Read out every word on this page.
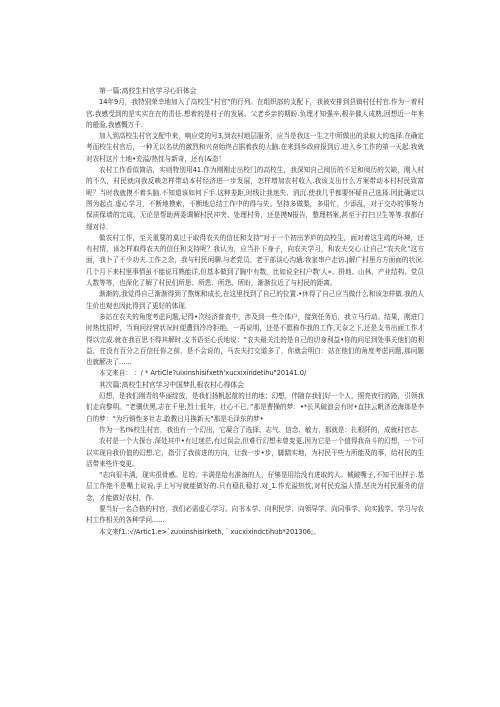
第一篇:高校生村官学习心旧体会

14年9月，我特别荣幸地加入了高校生“村官”的行列。在组织部的支配下，我被安排到县镇村任村官.作为一着村官.我感受到的是实实在在的责任.想着的是村子的发展、父老乡亲的期盼.负理才知强辛,根辛催人成熟,回想近一年来的般验,我感慨万千.

加入到高校生村官支配中来，响应党的号3,到农村地层服务，应当是我这一生之中所做出的录取大的选择.在确定考而校生村官后，一种无以名状的激烈和兴奋始终占据着我的大脑.在来到乡政府报到后.进入乡工作的第一天起.我就对农村这片土地•充溢/热忱与新奇，还有(&态！

农村工作看似简洁，实则特别用41.作为刚刚走出校门的高校生，我深知自己阅历的不足和阅历的欠缺，刚入村的不久，村民就向我反映怎样带动本村经济进一步发展，怎样增加农村收入.我该支出什么方案带动本村村民致富呢？当时我就摸不着头脑.不知道该如何下手.这种差距,时线让我迷失、消沉.使我几乎都要怀疑自己选择.因此确定以图为起点.虚心学习，不断地摸索，不断地总结工作中的得与失。坚持多做梨，多用忙，少添乱，对于交办的事努力保质保墙的完成。无论是帮助两委调解村民冲突、处理村务，还是摸N报告，整理档案,甚至于打扫卫生等等.我都仔细对待.

做农村工作，至关重要的莫过于取得农夫的信任和支持”对于一个初出茅庐的高校生，面对着这生疏的环境，还有村情，该怎样取得农夫的信任和支持呢？我认为，应当扑下身子，向农夫学习，和农夫交心.让自己“农夫化”这方面，我卜了不少功夫.工作之余，我与村民闲聊.与老党员、老干部谈心沟通.我家串户走访.|解广村里方方面面的状况.几个月下来村里事情虽不能说耳熟能详,但基本做到了胸中有数，比如说全村户数‘人»、拼地、山林、产业结构、党员人数等等，也深化了解了村民们所思、所患、所怨、所盼，渐渐拉近了与村民的距离。

渐渐的,我觉得自己渐渐得到了熬炼和成长,在这里找到了自己的位置.•休得了自己应当做什么和该怎样做.我的人生价也观也因此得到了更好的体现.

多站在农夫的角度考虑问题,记得•次经济普查中，涉及到一些个体户，接到任务后，我立马行动。结果，刚进门时热忱招呼，当询问经营状况时便遭到冷冷拒绝。一再说明，还是不愿称作我的工作,无奈之下,还是支书出面工作才得以完成.就在我百思不得其解时.支书语至心氏地说：“农夫最关注的是自己的切身利益•你的问足到处事关他们的利益，在没有百分之百信任你之前，是不会说的，马农夫打交道多了，你就会明白：站在他们的角度考虑问题,那问题也就解决了......

本文来自： ：/ * ArtiCle?uixinshisifxeth'xucxixindetihu"20141.0/

其次篇:高校生村官学习中国梦扎根农村心得体会

幻想，是我们刚青的华丽绽放，是我们扬帆起航的目的地；幻想，伴随存我们好一个人，照亮夜行的路，引领我们走向黎明。“老骥伏黑,志在千里;烈士低年，壮心不已，”那是曹操的梦：•*长风破浪会有时•直挂云帆济沧海那是李白的梦：“为行销性多社志.敢教日月换新天”那是毛泽东的梦•

作为一名i%校生村官，我也有一个幻出，它凝合了选择、志气、信念、敏力，那就是：扎根阡的，成就村官志.

农村是一个大探台.深处其中•有过迷茫,有过误会,但难行幻想未曾变更,因为它是一个值得我奋斗的幻想，一个可以实现自我价值的幻想.它，指引了我前进的方向，让我一步•步，脚踏实地，为村民干些力所能及的事，给村民的生活带来些许变更。

“志向很丰满，现实很骨感。足的，丰满是给有准备的人，仔够是用给没有进取的人。械破嘴子,不知干出样子.基层工作绝不是嘴上说说,手上写写就能做好的.只有稳扎稳打.对_1.作充溢热忱,对村民充溢人情,坚决为村民服务的信念，才能做好农村，作.

要当好一名合格的村官，我们必需虚心学习。向书本学、向利民学、向领导学、向同事学、向实践学。学习与农村工作相关的各种学问......

本文来f1.:√/Artic1.e>`zuixinshisirketh,｀xucxixindctihub*201306;。
